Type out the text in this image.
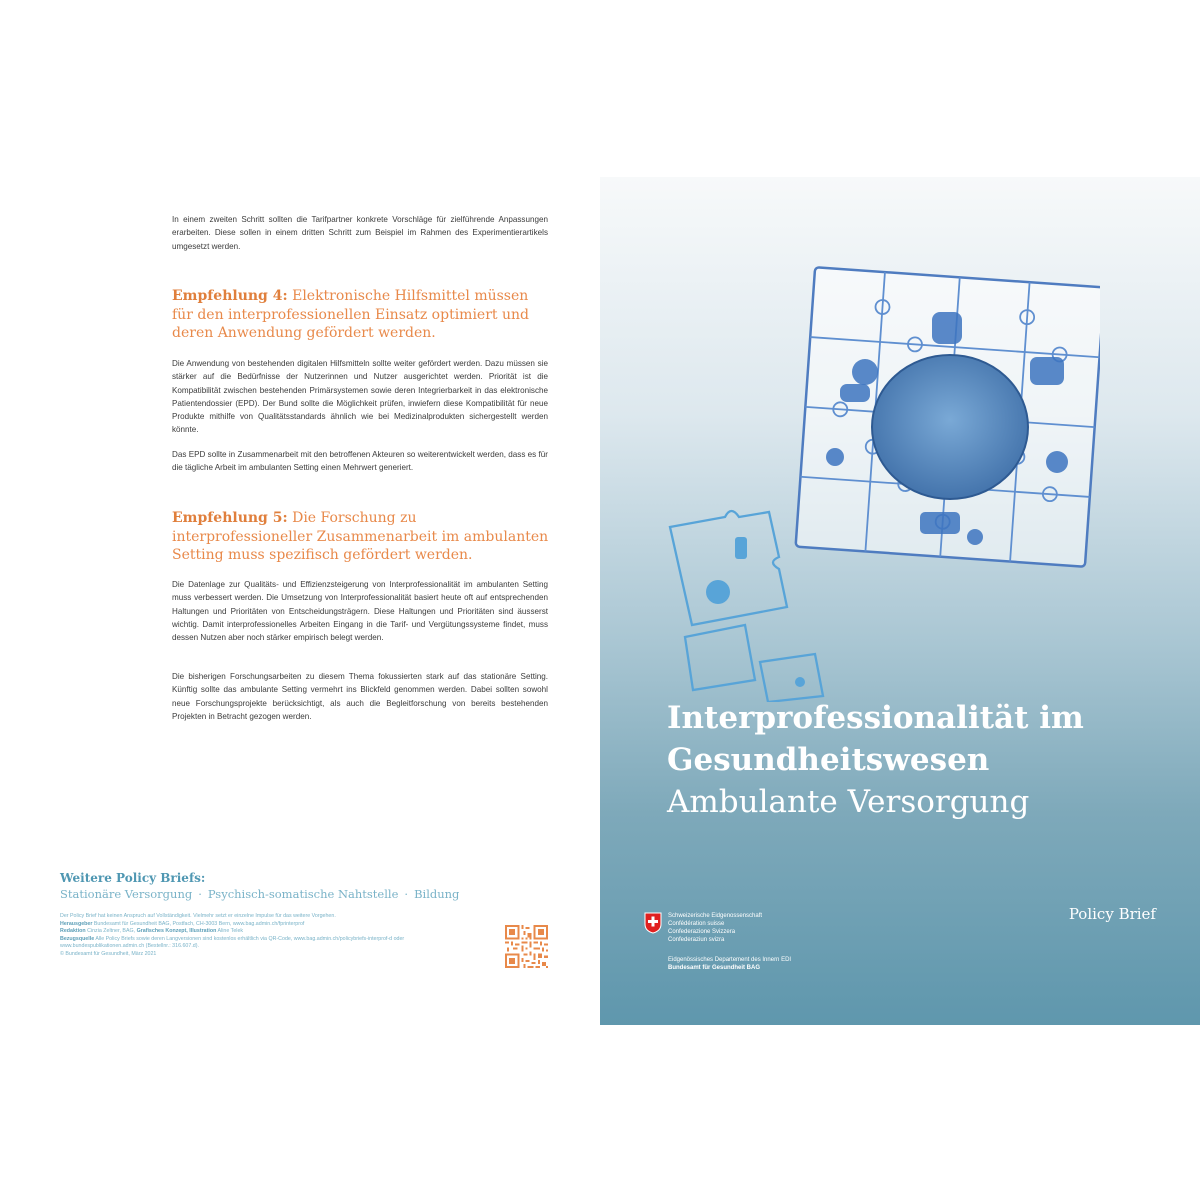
In einem zweiten Schritt sollten die Tarifpartner konkrete Vorschläge für zielführende Anpassungen erarbeiten. Diese sollen in einem dritten Schritt zum Beispiel im Rahmen des Experimentierartikels umgesetzt werden.

Empfehlung 4: Elektronische Hilfsmittel müssen für den interprofessionellen Einsatz optimiert und deren Anwendung gefördert werden.

Die Anwendung von bestehenden digitalen Hilfsmitteln sollte weiter gefördert werden. Dazu müssen sie stärker auf die Bedürfnisse der Nutzerinnen und Nutzer ausgerichtet werden. Priorität ist die Kompatibilität zwischen bestehenden Primärsystemen sowie deren Integrierbarkeit in das elektronische Patientendossier (EPD). Der Bund sollte die Möglichkeit prüfen, inwiefern diese Kompatibilität für neue Produkte mithilfe von Qualitätsstandards ähnlich wie bei Medizinalprodukten sichergestellt werden könnte.

Das EPD sollte in Zusammenarbeit mit den betroffenen Akteuren so weiterentwickelt werden, dass es für die tägliche Arbeit im ambulanten Setting einen Mehrwert generiert.

Empfehlung 5: Die Forschung zu interprofessioneller Zusammenarbeit im ambulanten Setting muss spezifisch gefördert werden.

Die Datenlage zur Qualitäts- und Effizienzsteigerung von Interprofessionalität im ambulanten Setting muss verbessert werden. Die Umsetzung von Interprofessionalität basiert heute oft auf entsprechenden Haltungen und Prioritäten von Entscheidungsträgern. Diese Haltungen und Prioritäten sind äusserst wichtig. Damit interprofessionelles Arbeiten Eingang in die Tarif- und Vergütungssysteme findet, muss dessen Nutzen aber noch stärker empirisch belegt werden.

Die bisherigen Forschungsarbeiten zu diesem Thema fokussierten stark auf das stationäre Setting. Künftig sollte das ambulante Setting vermehrt ins Blickfeld genommen werden. Dabei sollten sowohl neue Forschungsprojekte berücksichtigt, als auch die Begleitforschung von bereits bestehenden Projekten in Betracht gezogen werden.

Weitere Policy Briefs:
Stationäre Versorgung · Psychisch-somatische Nahtstelle · Bildung

Der Policy Brief hat keinen Anspruch auf Vollständigkeit. Vielmehr setzt er einzelne Impulse für das weitere Vorgehen.

Herausgeber Bundesamt für Gesundheit BAG, Postfach, CH-3003 Bern, www.bag.admin.ch/fprinterprof

Redaktion Cinzia Zeltner, BAG, Grafisches Konzept, Illustration Aline Telek

Bezugsquelle Alle Policy Briefs sowie deren Langversionen sind kostenlos erhältlich via QR-Code, www.bag.admin.ch/policybriefs-interprof-d oder www.bundespublikationen.admin.ch (Bestellnr.: 316.607.d).

© Bundesamt für Gesundheit, März 2021

Interprofessionalität im Gesundheitswesen
Ambulante Versorgung
Schweizerische Eidgenossenschaft
Confédération suisse
Confederazione Svizzera
Confederaziun svizra
Eidgenössisches Departement des Innern EDI
Bundesamt für Gesundheit BAG
Policy Brief
